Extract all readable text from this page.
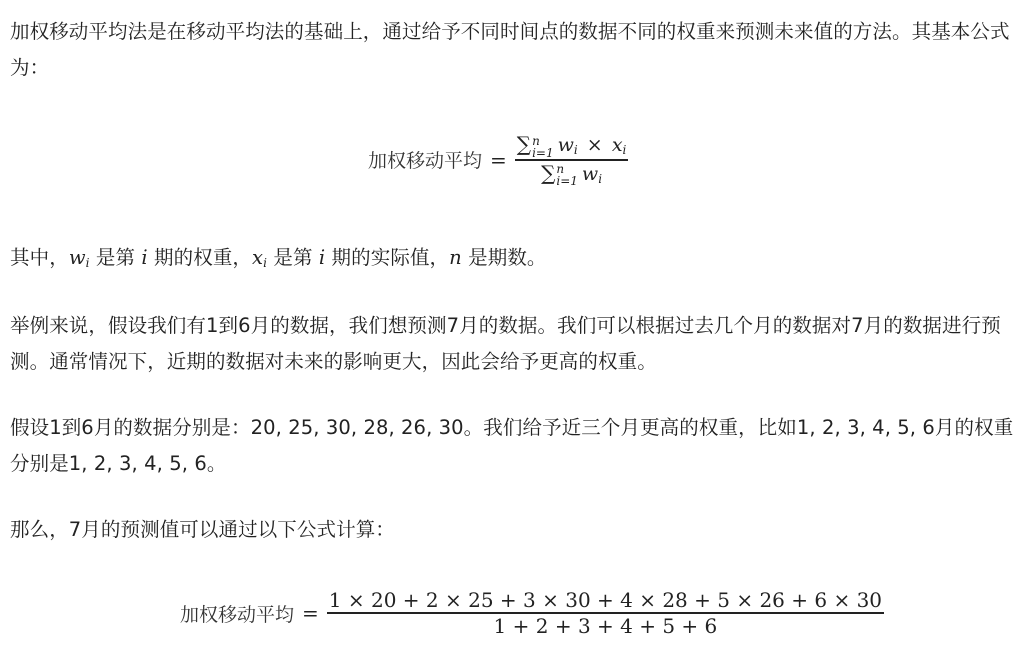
加权移动平均法是在移动平均法的基础上，通过给予不同时间点的数据不同的权重来预测未来值的方法。其基本公式为：

加权移动平均 = ∑ n
i=1 $w_i \times x_i$
∑ n
i=1 $w_i$

其中，wi 是第 i 期的权重，xi 是第 i 期的实际值，n 是期数。

举例来说，假设我们有1到6月的数据，我们想预测7月的数据。我们可以根据过去几个月的数据对7月的数据进行预测。通常情况下，近期的数据对未来的影响更大，因此会给予更高的权重。

假设1到6月的数据分别是：20, 25, 30, 28, 26, 30。我们给予近三个月更高的权重，比如1, 2, 3, 4, 5, 6月的权重分别是1, 2, 3, 4, 5, 6。

那么，7月的预测值可以通过以下公式计算：

加权移动平均 = $\frac{1 \times 20 + 2 \times 25 + 3 \times 30 + 4 \times 28 + 5 \times 26 + 6 \times 30}{1 + 2 + 3 + 4 + 5 + 6}$
